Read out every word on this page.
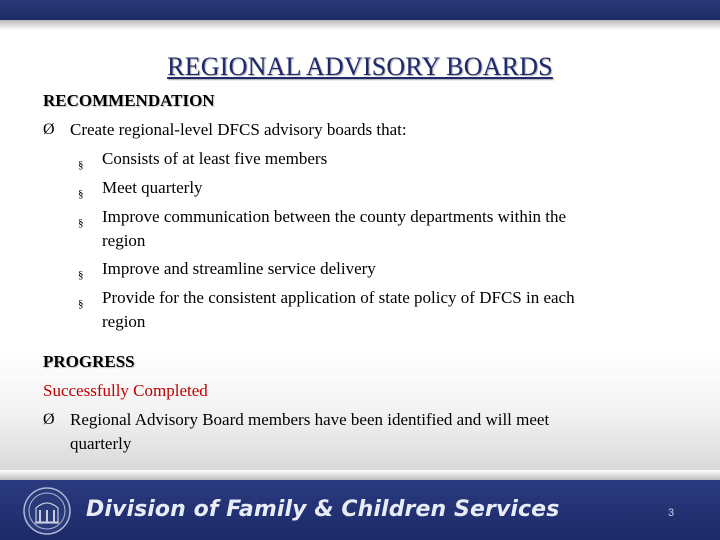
REGIONAL ADVISORY BOARDS
RECOMMENDATION
Ø Create regional-level DFCS advisory boards that:
§ Consists of at least five members
§ Meet quarterly
§ Improve communication between the county departments within the
region
§ Improve and streamline service delivery
§ Provide for the consistent application of state policy of DFCS in each
region
PROGRESS
Successfully Completed
Ø Regional Advisory Board members have been identified and will meet
quarterly
Division of Family & Children Services	3
